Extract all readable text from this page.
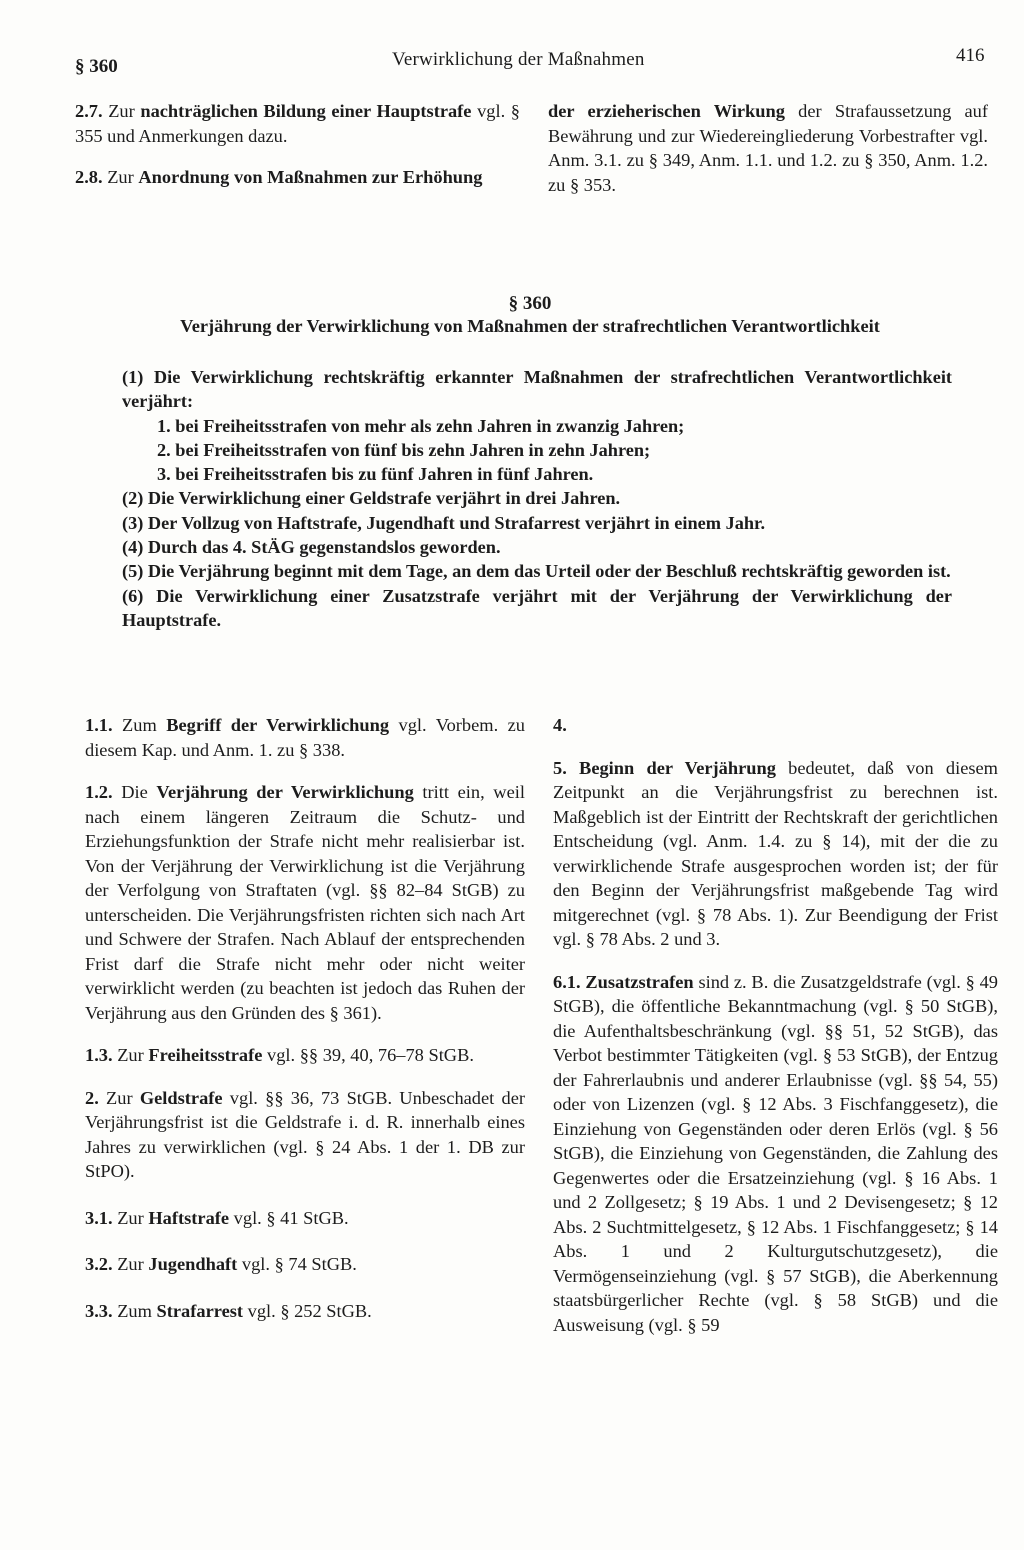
§ 360	Verwirklichung der Maßnahmen	416

2.7. Zur nachträglichen Bildung einer Hauptstrafe vgl. § 355 und Anmerkungen dazu.

2.8. Zur Anordnung von Maßnahmen zur Erhöhung

der erzieherischen Wirkung der Strafaussetzung auf Bewährung und zur Wiedereingliederung Vorbestrafter vgl. Anm. 3.1. zu § 349, Anm. 1.1. und 1.2. zu § 350, Anm. 1.2. zu § 353.

§ 360
Verjährung der Verwirklichung von Maßnahmen der strafrechtlichen Verantwortlichkeit

(1) Die Verwirklichung rechtskräftig erkannter Maßnahmen der strafrechtlichen Verantwortlichkeit verjährt:

1. bei Freiheitsstrafen von mehr als zehn Jahren in zwanzig Jahren;

2. bei Freiheitsstrafen von fünf bis zehn Jahren in zehn Jahren;

3. bei Freiheitsstrafen bis zu fünf Jahren in fünf Jahren.

(2) Die Verwirklichung einer Geldstrafe verjährt in drei Jahren.

(3) Der Vollzug von Haftstrafe, Jugendhaft und Strafarrest verjährt in einem Jahr.

(4) Durch das 4. StÄG gegenstandslos geworden.

(5) Die Verjährung beginnt mit dem Tage, an dem das Urteil oder der Beschluß rechtskräftig geworden ist.

(6) Die Verwirklichung einer Zusatzstrafe verjährt mit der Verjährung der Verwirklichung der Hauptstrafe.

1.1. Zum Begriff der Verwirklichung vgl. Vorbem. zu diesem Kap. und Anm. 1. zu § 338.

1.2. Die Verjährung der Verwirklichung tritt ein, weil nach einem längeren Zeitraum die Schutz- und Erziehungsfunktion der Strafe nicht mehr realisierbar ist. Von der Verjährung der Verwirklichung ist die Verjährung der Verfolgung von Straftaten (vgl. §§ 82–84 StGB) zu unterscheiden. Die Verjährungsfristen richten sich nach Art und Schwere der Strafen. Nach Ablauf der entsprechenden Frist darf die Strafe nicht mehr oder nicht weiter verwirklicht werden (zu beachten ist jedoch das Ruhen der Verjährung aus den Gründen des § 361).

1.3. Zur Freiheitsstrafe vgl. §§ 39, 40, 76–78 StGB.

2. Zur Geldstrafe vgl. §§ 36, 73 StGB. Unbeschadet der Verjährungsfrist ist die Geldstrafe i. d. R. innerhalb eines Jahres zu verwirklichen (vgl. § 24 Abs. 1 der 1. DB zur StPO).

3.1. Zur Haftstrafe vgl. § 41 StGB.

3.2. Zur Jugendhaft vgl. § 74 StGB.

3.3. Zum Strafarrest vgl. § 252 StGB.

4.

5. Beginn der Verjährung bedeutet, daß von diesem Zeitpunkt an die Verjährungsfrist zu berechnen ist. Maßgeblich ist der Eintritt der Rechtskraft der gerichtlichen Entscheidung (vgl. Anm. 1.4. zu § 14), mit der die zu verwirklichende Strafe ausgesprochen worden ist; der für den Beginn der Verjährungsfrist maßgebende Tag wird mitgerechnet (vgl. § 78 Abs. 1). Zur Beendigung der Frist vgl. § 78 Abs. 2 und 3.

6.1. Zusatzstrafen sind z. B. die Zusatzgeldstrafe (vgl. § 49 StGB), die öffentliche Bekanntmachung (vgl. § 50 StGB), die Aufenthaltsbeschränkung (vgl. §§ 51, 52 StGB), das Verbot bestimmter Tätigkeiten (vgl. § 53 StGB), der Entzug der Fahrerlaubnis und anderer Erlaubnisse (vgl. §§ 54, 55) oder von Lizenzen (vgl. § 12 Abs. 3 Fischfanggesetz), die Einziehung von Gegenständen oder deren Erlös (vgl. § 56 StGB), die Einziehung von Gegenständen, die Zahlung des Gegenwertes oder die Ersatzeinziehung (vgl. § 16 Abs. 1 und 2 Zollgesetz; § 19 Abs. 1 und 2 Devisengesetz; § 12 Abs. 2 Suchtmittelgesetz, § 12 Abs. 1 Fischfanggesetz; § 14 Abs. 1 und 2 Kulturgutschutzgesetz), die Vermögenseinziehung (vgl. § 57 StGB), die Aberkennung staatsbürgerlicher Rechte (vgl. § 58 StGB) und die Ausweisung (vgl. § 59
